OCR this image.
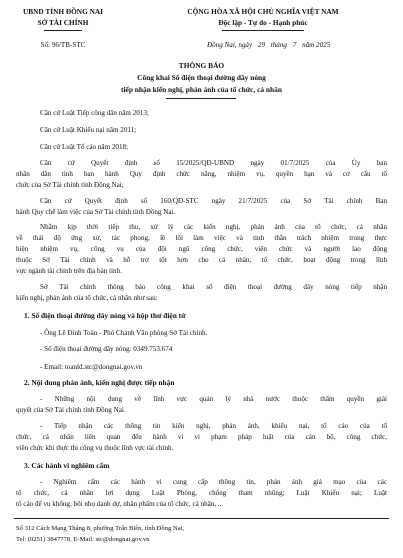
UBND TỈNH ĐỒNG NAI
SỞ TÀI CHÍNH
Số: 96/TB-STC
CỘNG HÒA XÃ HỘI CHỦ NGHĨA VIỆT NAM
Độc lập - Tự do - Hạnh phúc
Đồng Nai, ngày 29 tháng 7 năm 2025
THÔNG BÁO
Công khai Số điện thoại đường dây nóng
tiếp nhận kiến nghị, phản ánh của tổ chức, cá nhân
Căn cứ Luật Tiếp công dân năm 2013;
Căn cứ Luật Khiếu nại năm 2011;
Căn cứ Luật Tố cáo năm 2018;
Căn cứ Quyết định số 15/2025/QĐ-UBND ngày 01/7/2025 của Ủy ban
nhân dân tỉnh ban hành Quy định chức năng, nhiệm vụ, quyền hạn và cơ cấu tổ
chức của Sở Tài chính tỉnh Đồng Nai;
Căn cứ Quyết định số 160/QĐ-STC ngày 21/7/2025 của Sở Tài chính Ban
hành Quy chế làm việc của Sở Tài chính tỉnh Đồng Nai.
Nhằm kịp thời tiếp thu, xử lý các kiến nghị, phản ánh của tổ chức, cá nhân
về thái độ ứng xử, tác phong, lề lối làm việc và tinh thần trách nhiệm trong thực
hiện nhiệm vụ, công vụ của đội ngũ công chức, viên chức và người lao động
thuộc Sở Tài chính và hỗ trợ tốt hơn cho cá nhân, tổ chức, hoạt động trong lĩnh
vực ngành tài chính trên địa bàn tỉnh.
Sở Tài chính thông báo công khai số điện thoại đường dây nóng tiếp nhận
kiến nghị, phản ánh của tổ chức, cá nhân như sau:
1. Số điện thoại đường dây nóng và hộp thư điện tử
- Ông Lê Đình Toàn - Phó Chánh Văn phòng Sở Tài chính.
- Số điện thoại đường dây nóng: 0349.753.674
- Email: toanld.stc@dongnai.gov.vn
2. Nội dung phản ánh, kiến nghị được tiếp nhận
- Những nội dung về lĩnh vực quản lý nhà nước thuộc thẩm quyền giải
quyết của Sở Tài chính tỉnh Đồng Nai.
- Tiếp nhận các thông tin kiến nghị, phản ánh, khiếu nại, tố cáo của tổ
chức, cá nhân liên quan đến hành vi vi phạm pháp luật của cán bộ, công chức,
viên chức khi thực thi công vụ thuộc lĩnh vực tài chính.
3. Các hành vi nghiêm cấm
- Nghiêm cấm các hành vi cung cấp thông tin, phản ánh giả mạo của các
tổ chức, cá nhân lợi dụng Luật Phòng, chống tham nhũng; Luật Khiếu nại; Luật
tố cáo để vu khống, bôi nhọ danh dự, nhân phẩm của tổ chức, cá nhân, ...
Số 312 Cách Mạng Tháng 8, phường Trấn Biên, tỉnh Đồng Nai,
Tel: (0251) 3847778, E-Mail: stc@dongnai.gov.vn
